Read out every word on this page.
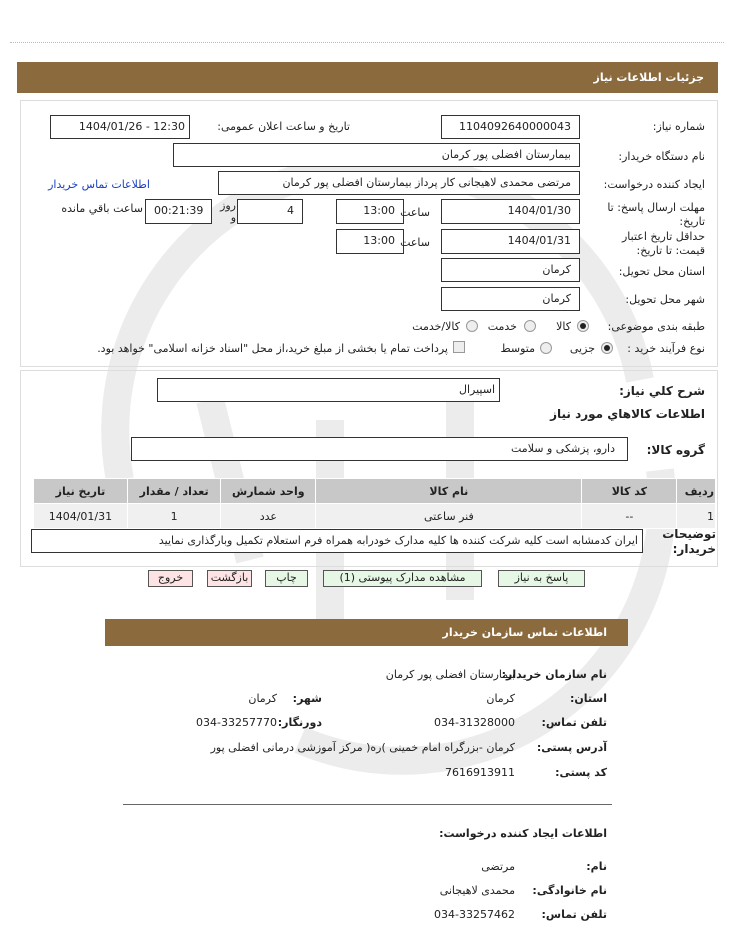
جزئیات اطلاعات نیاز
شماره نیاز:
1104092640000043
تاریخ و ساعت اعلان عمومی:
1404/01/26 - 12:30
نام دستگاه خریدار:
بیمارستان افضلی پور کرمان
ایجاد کننده درخواست:
مرتضی محمدی لاهیجانی کار پرداز بیمارستان افضلی پور کرمان
اطلاعات تماس خریدار
مهلت ارسال پاسخ: تا تاریخ:
1404/01/30
ساعت
13:00
روز و
4
00:21:39
ساعت باقي مانده
حداقل تاریخ اعتبار قیمت: تا تاریخ:
1404/01/31
ساعت
13:00
استان محل تحویل:
کرمان
شهر محل تحویل:
کرمان
طبقه بندی موضوعی:
کالا
خدمت
کالا/خدمت
نوع فرآیند خرید :
جزیی
متوسط
پرداخت تمام یا بخشی از مبلغ خرید،از محل "اسناد خزانه اسلامی" خواهد بود.
شرح کلي نياز:
اسپیرال
اطلاعات کالاهاي مورد نياز
گروه کالا:
دارو، پزشکی و سلامت
ردیف	کد کالا	نام کالا	واحد شمارش	تعداد / مقدار	تاریخ نیاز
1	--	فنر ساعتی	عدد	1	1404/01/31
توضیحات خریدار:
ایران کدمشابه است کلیه شرکت کننده ها کلیه مدارک خودرابه همراه فرم استعلام تکمیل وبارگذاری نمایید
پاسخ به نیاز
مشاهده مدارک پیوستی (1)
چاپ
بازگشت
خروج
اطلاعات تماس سازمان خریدار
نام سازمان خریدار:
بیمارستان افضلی پور کرمان
استان:
کرمان
شهر:
کرمان
تلفن تماس:
034-31328000
دورنگار:
034-33257770
آدرس پستی:
کرمان -بزرگراه امام خمینی )ره( مرکز آموزشی درمانی افضلی پور
کد پستی:
7616913911
اطلاعات ایجاد کننده درخواست:
نام:
مرتضی
نام خانوادگی:
محمدی لاهیجانی
تلفن تماس:
034-33257462
